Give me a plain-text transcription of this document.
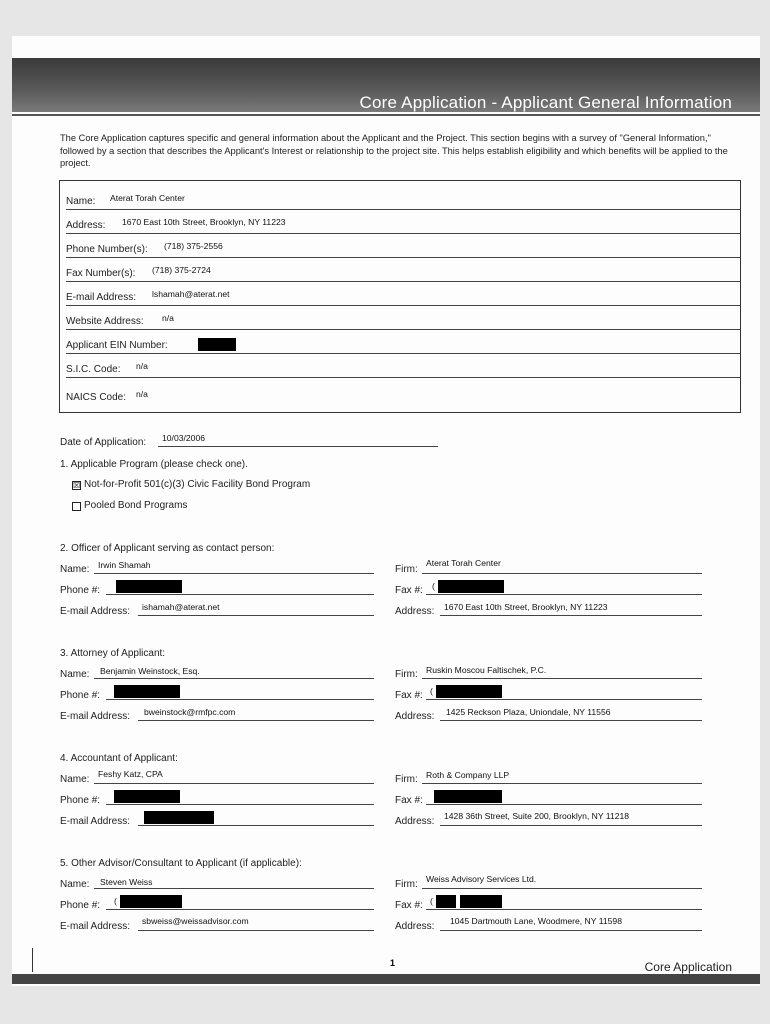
Core Application - Applicant General Information
The Core Application captures specific and general information about the Applicant and the Project. This section begins with a survey of "General Information," followed by a section that describes the Applicant's Interest or relationship to the project site. This helps establish eligibility and which benefits will be applied to the project.
Name: Aterat Torah Center
Address: 1670 East 10th Street, Brooklyn, NY 11223
Phone Number(s): (718) 375-2556
Fax Number(s): (718) 375-2724
E-mail Address: lshamah@aterat.net
Website Address: n/a
Applicant EIN Number:
S.I.C. Code: n/a
NAICS Code: n/a
Date of Application: 10/03/2006
1. Applicable Program (please check one).
☒ Not-for-Profit 501(c)(3) Civic Facility Bond Program
Pooled Bond Programs
2. Officer of Applicant serving as contact person:
Name: Irwin Shamah
Phone #:
E-mail Address: ishamah@aterat.net
Firm:
Aterat Torah Center
Fax #: (
Address: 1670 East 10th Street, Brooklyn, NY 11223
3. Attorney of Applicant:
Name: Benjamin Weinstock, Esq.
Phone #:
E-mail Address: bweinstock@rmfpc.com
Firm: Ruskin Moscou Faltischek, P.C.
Fax #: (
Address: 1425 Reckson Plaza, Uniondale, NY 11556
4. Accountant of Applicant:
Name: Feshy Katz, CPA
Phone #:
E-mail Address:
Firm: Roth & Company LLP
Fax #:
Address: 1428 36th Street, Suite 200, Brooklyn, NY 11218
5. Other Advisor/Consultant to Applicant (if applicable):
Name: Steven Weiss
Phone #: (
E-mail Address: sbweiss@weissadvisor.com
Firm: Weiss Advisory Services Ltd.
Fax #: (
Address: 1045 Dartmouth Lane, Woodmere, NY 11598
1	Core Application
